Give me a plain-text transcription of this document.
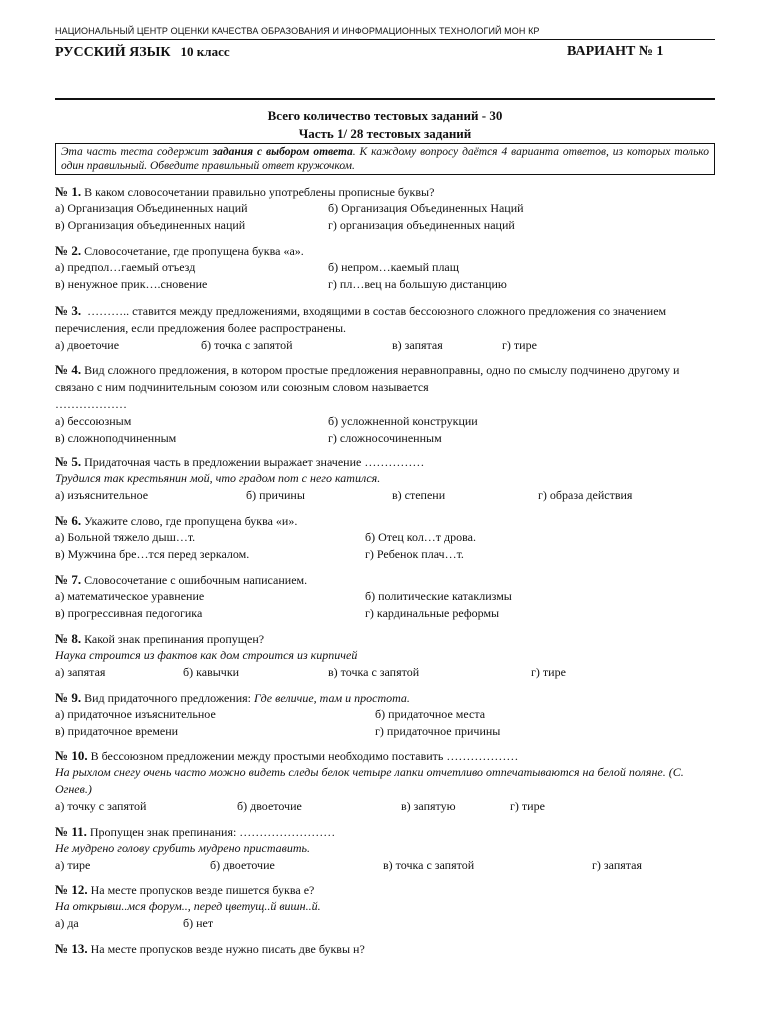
НАЦИОНАЛЬНЫЙ ЦЕНТР ОЦЕНКИ КАЧЕСТВА ОБРАЗОВАНИЯ И ИНФОРМАЦИОННЫХ ТЕХНОЛОГИЙ МОН КР
РУССКИЙ ЯЗЫК 10 класс	ВАРИАНТ № 1
Всего количество тестовых заданий - 30
Часть 1/ 28 тестовых заданий
Эта часть теста содержит задания с выбором ответа. К каждому вопросу даётся 4 варианта ответов, из которых только один правильный. Обведите правильный ответ кружочком.
№ 1. В каком словосочетании правильно употреблены прописные буквы?
а) Организация Объединенных наций	б) Организация Объединенных Наций
в) Организация объединенных наций	г) организация объединенных наций
№ 2. Словосочетание, где пропущена буква «а».
а) предпол…гаемый отъезд	б) непром…каемый плащ
в) ненужное прик….сновение	г) пл…вец на большую дистанцию
№ 3. ……….. ставится между предложениями, входящими в состав бессоюзного сложного предложения со значением перечисления, если предложения более распространены.
а) двоеточие	б) точка с запятой	в) запятая	г) тире
№ 4. Вид сложного предложения, в котором простые предложения неравноправны, одно по смыслу подчинено другому и связано с ним подчинительным союзом или союзным словом называется
………………
а) бессоюзным	б) усложненной конструкции
в) сложноподчиненным	г) сложносочиненным
№ 5. Придаточная часть в предложении выражает значение ……………
Трудился так крестьянин мой, что градом пот с него катился.
а) изъяснительное	б) причины	в) степени	г) образа действия
№ 6. Укажите слово, где пропущена буква «и».
а) Больной тяжело дыш…т.	б) Отец кол…т дрова.
в) Мужчина бре…тся перед зеркалом.	г) Ребенок плач…т.
№ 7. Словосочетание с ошибочным написанием.
а) математическое уравнение	б) политические катаклизмы
в) прогрессивная педогогика	г) кардинальные реформы
№ 8. Какой знак препинания пропущен?
Наука строится из фактов как дом строится из кирпичей
а) запятая	б) кавычки	в) точка с запятой	г) тире
№ 9. Вид придаточного предложения: Где величие, там и простота.
а) придаточное изъяснительное	б) придаточное места
в) придаточное времени	г) придаточное причины
№ 10. В бессоюзном предложении между простыми необходимо поставить ………………
На рыхлом снегу очень часто можно видеть следы белок четыре лапки отчетливо отпечатываются на белой поляне. (С. Огнев.)
а) точку с запятой	б) двоеточие	в) запятую	г) тире
№ 11. Пропущен знак препинания: ……………………
Не мудрено голову срубить мудрено приставить.
а) тире	б) двоеточие	в) точка с запятой	г) запятая
№ 12. На месте пропусков везде пишется буква е?
На открывш..мся форум.., перед цветущ..й вишн..й.
а) да	б) нет
№ 13. На месте пропусков везде нужно писать две буквы н?
